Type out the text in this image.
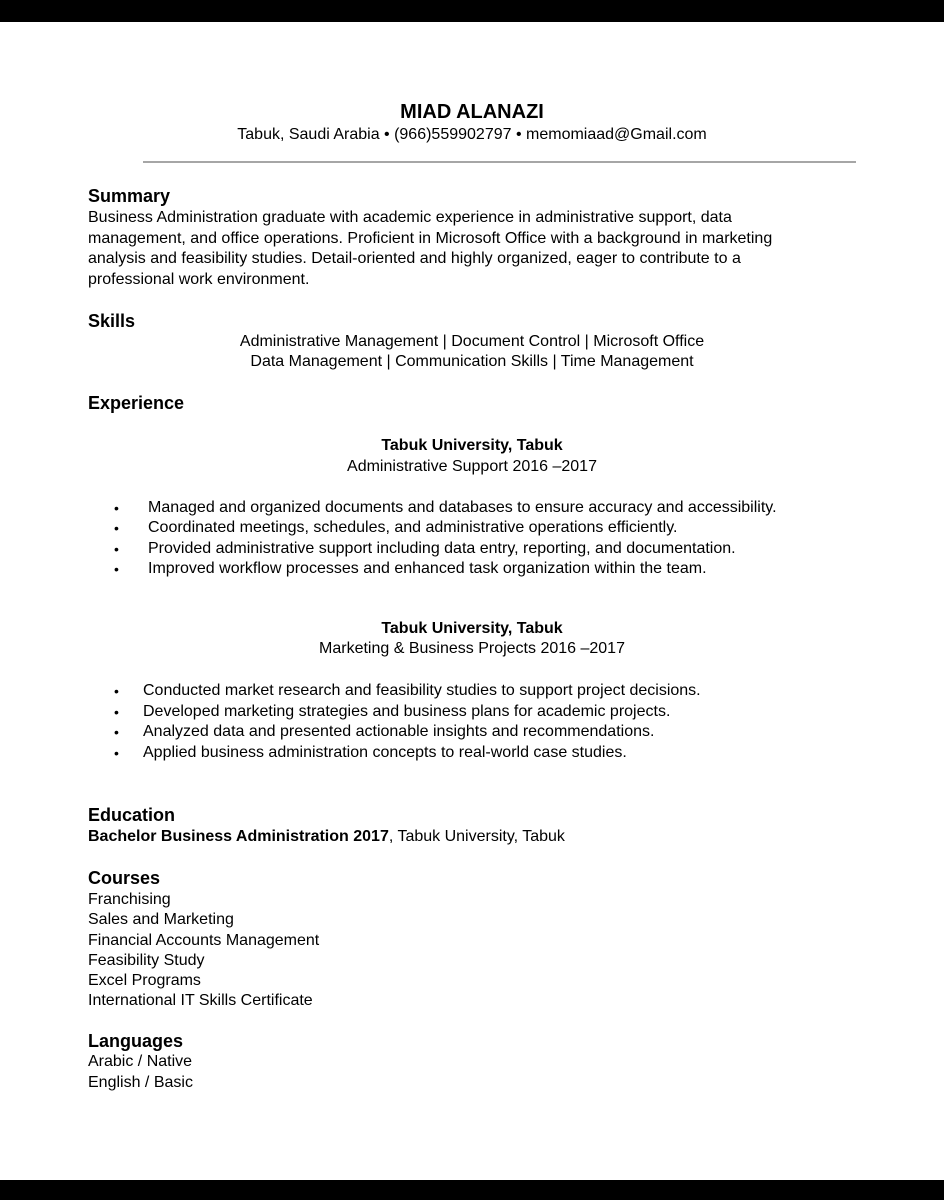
MIAD ALANAZI
Tabuk, Saudi Arabia • (966)559902797 • memomiaad@Gmail.com
Summary
Business Administration graduate with academic experience in administrative support, data
management, and office operations. Proficient in Microsoft Office with a background in marketing
analysis and feasibility studies. Detail-oriented and highly organized, eager to contribute to a
professional work environment.
Skills
Administrative Management | Document Control | Microsoft Office
Data Management | Communication Skills | Time Management
Experience
Tabuk University, Tabuk
Administrative Support 2016 –2017
• Managed and organized documents and databases to ensure accuracy and accessibility.
• Coordinated meetings, schedules, and administrative operations efficiently.
• Provided administrative support including data entry, reporting, and documentation.
• Improved workflow processes and enhanced task organization within the team.
Tabuk University, Tabuk
Marketing & Business Projects 2016 –2017
• Conducted market research and feasibility studies to support project decisions.
• Developed marketing strategies and business plans for academic projects.
• Analyzed data and presented actionable insights and recommendations.
• Applied business administration concepts to real-world case studies.
Education
Bachelor Business Administration 2017, Tabuk University, Tabuk
Courses
Franchising
Sales and Marketing
Financial Accounts Management
Feasibility Study
Excel Programs
International IT Skills Certificate
Languages
Arabic / Native
English / Basic
